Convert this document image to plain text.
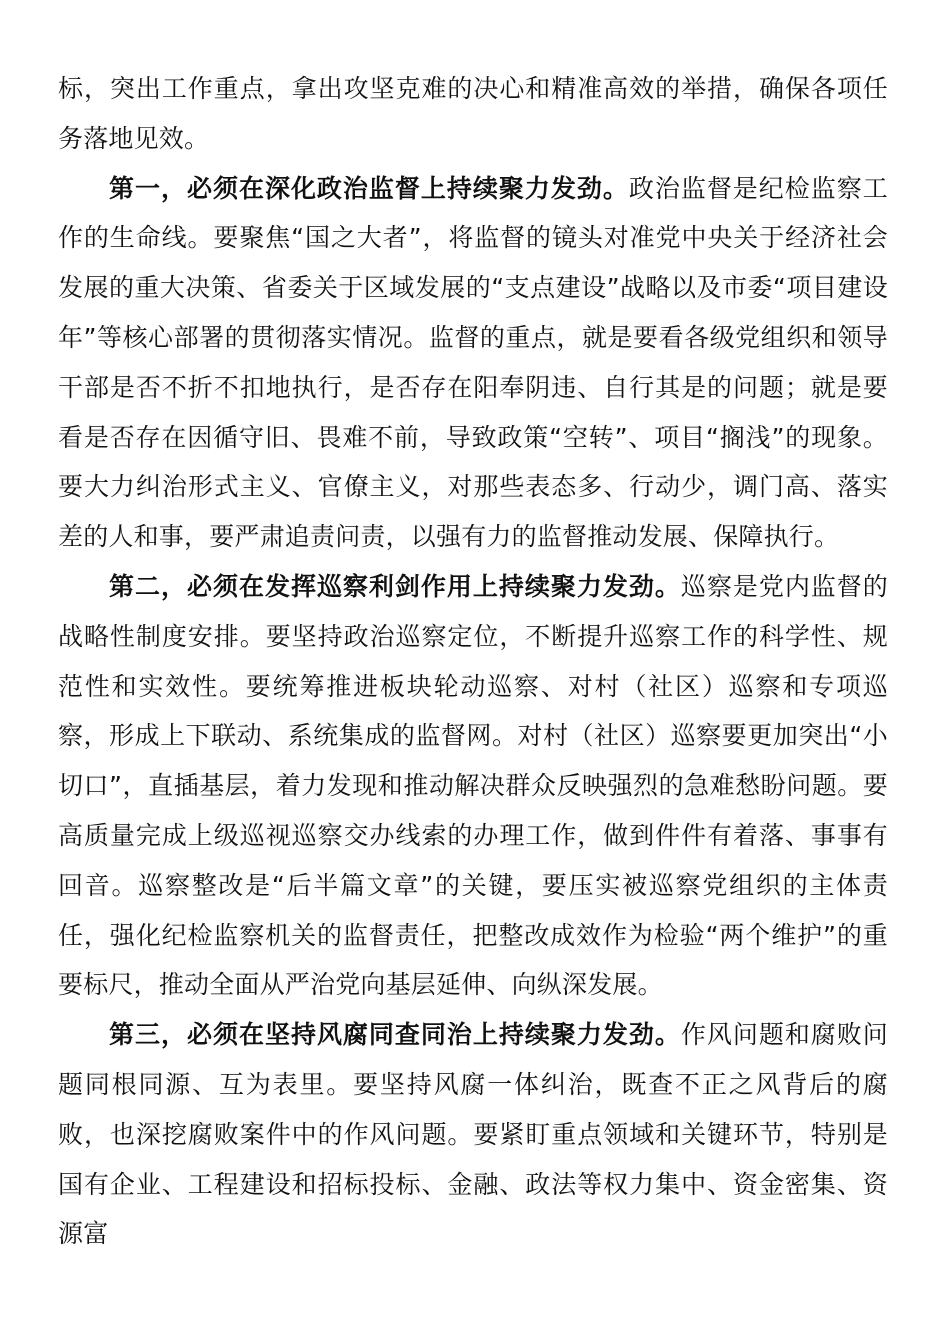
标，突出工作重点，拿出攻坚克难的决心和精准高效的举措，确保各项任务落地见效。

第一，必须在深化政治监督上持续聚力发劲。政治监督是纪检监察工作的生命线。要聚焦“国之大者”，将监督的镜头对准党中央关于经济社会发展的重大决策、省委关于区域发展的“支点建设”战略以及市委“项目建设年”等核心部署的贯彻落实情况。监督的重点，就是要看各级党组织和领导干部是否不折不扣地执行，是否存在阳奉阴违、自行其是的问题；就是要看是否存在因循守旧、畏难不前，导致政策“空转”、项目“搁浅”的现象。要大力纠治形式主义、官僚主义，对那些表态多、行动少，调门高、落实差的人和事，要严肃追责问责，以强有力的监督推动发展、保障执行。

第二，必须在发挥巡察利剑作用上持续聚力发劲。巡察是党内监督的战略性制度安排。要坚持政治巡察定位，不断提升巡察工作的科学性、规范性和实效性。要统筹推进板块轮动巡察、对村（社区）巡察和专项巡察，形成上下联动、系统集成的监督网。对村（社区）巡察要更加突出“小切口”，直插基层，着力发现和推动解决群众反映强烈的急难愁盼问题。要高质量完成上级巡视巡察交办线索的办理工作，做到件件有着落、事事有回音。巡察整改是“后半篇文章”的关键，要压实被巡察党组织的主体责任，强化纪检监察机关的监督责任，把整改成效作为检验“两个维护”的重要标尺，推动全面从严治党向基层延伸、向纵深发展。

第三，必须在坚持风腐同查同治上持续聚力发劲。作风问题和腐败问题同根同源、互为表里。要坚持风腐一体纠治，既查不正之风背后的腐败，也深挖腐败案件中的作风问题。要紧盯重点领域和关键环节，特别是国有企业、工程建设和招标投标、金融、政法等权力集中、资金密集、资源富
